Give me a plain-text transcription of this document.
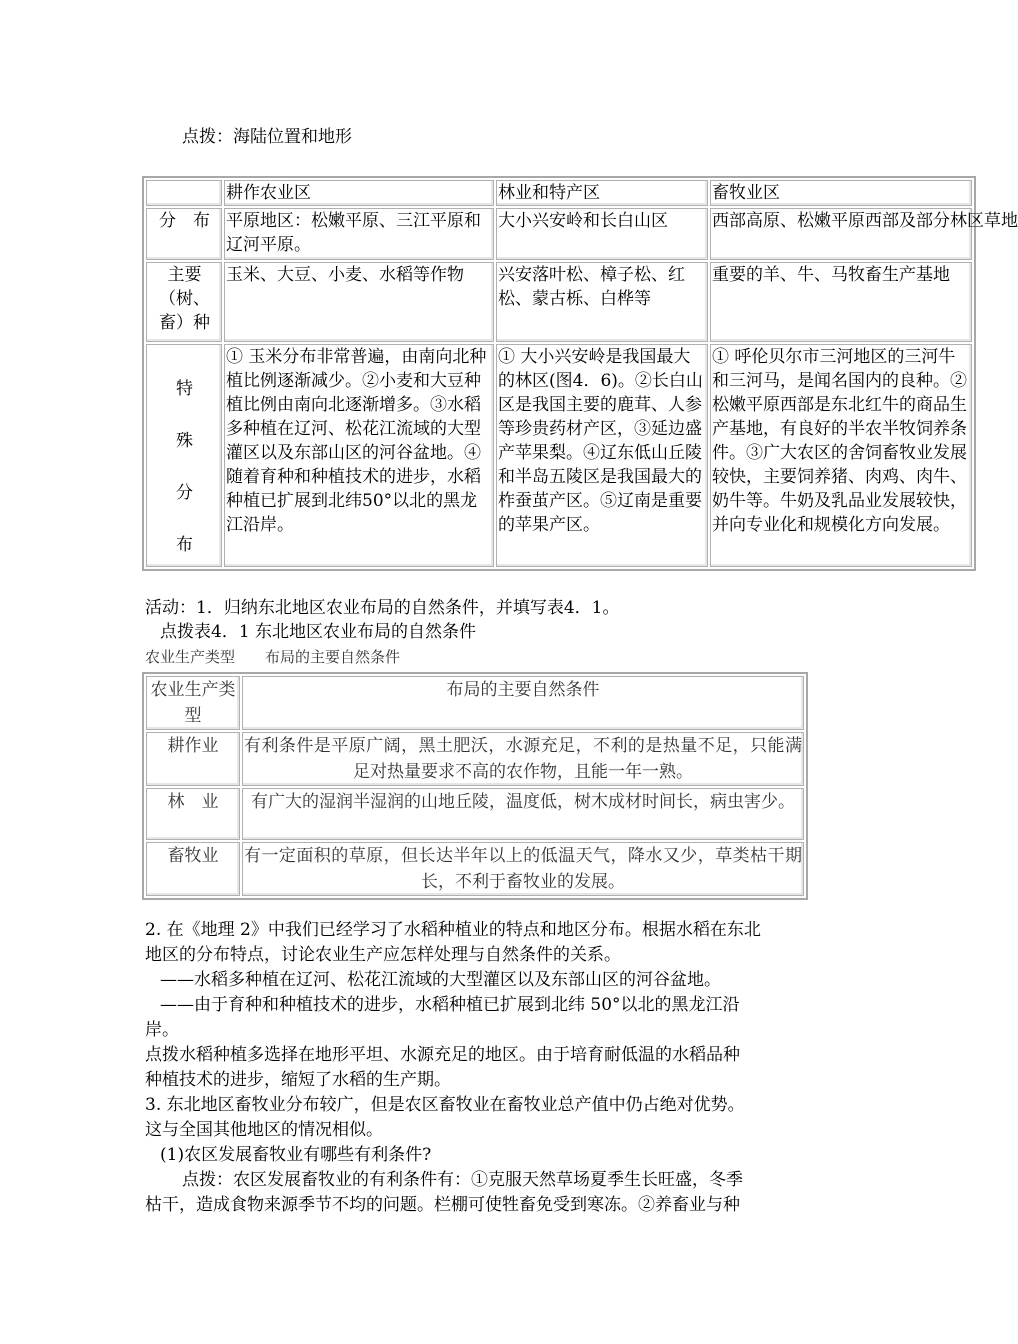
点拨：海陆位置和地形
	耕作农业区	林业和特产区	畜牧业区
分　布	平原地区：松嫩平原、三江平原和辽河平原。	大小兴安岭和长白山区	西部高原、松嫩平原西部及部分林区草地

主要（树、畜）种	玉米、大豆、小麦、水稻等作物	兴安落叶松、樟子松、红松、蒙古栎、白桦等	重要的羊、牛、马牧畜生产基地

特
殊
分
布	① 玉米分布非常普遍，由南向北种植比例逐渐减少。②小麦和大豆种植比例由南向北逐渐增多。③水稻多种植在辽河、松花江流域的大型灌区以及东部山区的河谷盆地。④随着育种和种植技术的进步，水稻种植已扩展到北纬50°以北的黑龙江沿岸。	① 大小兴安岭是我国最大的林区(图4．6)。②长白山区是我国主要的鹿茸、人参等珍贵药材产区，③延边盛产苹果梨。④辽东低山丘陵和半岛五陵区是我国最大的柞蚕茧产区。⑤辽南是重要的苹果产区。	① 呼伦贝尔市三河地区的三河牛和三河马，是闻名国内的良种。②松嫩平原西部是东北红牛的商品生产基地，有良好的半农半牧饲养条件。③广大农区的舍饲畜牧业发展较快，主要饲养猪、肉鸡、肉牛、奶牛等。牛奶及乳品业发展较快，并向专业化和规模化方向发展。
活动：1．归纳东北地区农业布局的自然条件，并填写表4．1。
点拨表4．1 东北地区农业布局的自然条件
农业生产类型　　布局的主要自然条件
农业生产类型	布局的主要自然条件
耕作业	有利条件是平原广阔，黑土肥沃，水源充足，不利的是热量不足，只能满足对热量要求不高的农作物，且能一年一熟。
林　业	有广大的湿润半湿润的山地丘陵，温度低，树木成材时间长，病虫害少。
畜牧业	有一定面积的草原，但长达半年以上的低温天气，降水又少，草类枯干期长，不利于畜牧业的发展。
2. 在《地理 2》中我们已经学习了水稻种植业的特点和地区分布。根据水稻在东北
地区的分布特点，讨论农业生产应怎样处理与自然条件的关系。
——水稻多种植在辽河、松花江流域的大型灌区以及东部山区的河谷盆地。
——由于育种和种植技术的进步，水稻种植已扩展到北纬 50°以北的黑龙江沿
岸。
点拨水稻种植多选择在地形平坦、水源充足的地区。由于培育耐低温的水稻品种
种植技术的进步，缩短了水稻的生产期。
3. 东北地区畜牧业分布较广，但是农区畜牧业在畜牧业总产值中仍占绝对优势。
这与全国其他地区的情况相似。
(1)农区发展畜牧业有哪些有利条件?
点拨：农区发展畜牧业的有利条件有：①克服天然草场夏季生长旺盛，冬季
枯干，造成食物来源季节不均的问题。栏棚可使牲畜免受到寒冻。②养畜业与种
